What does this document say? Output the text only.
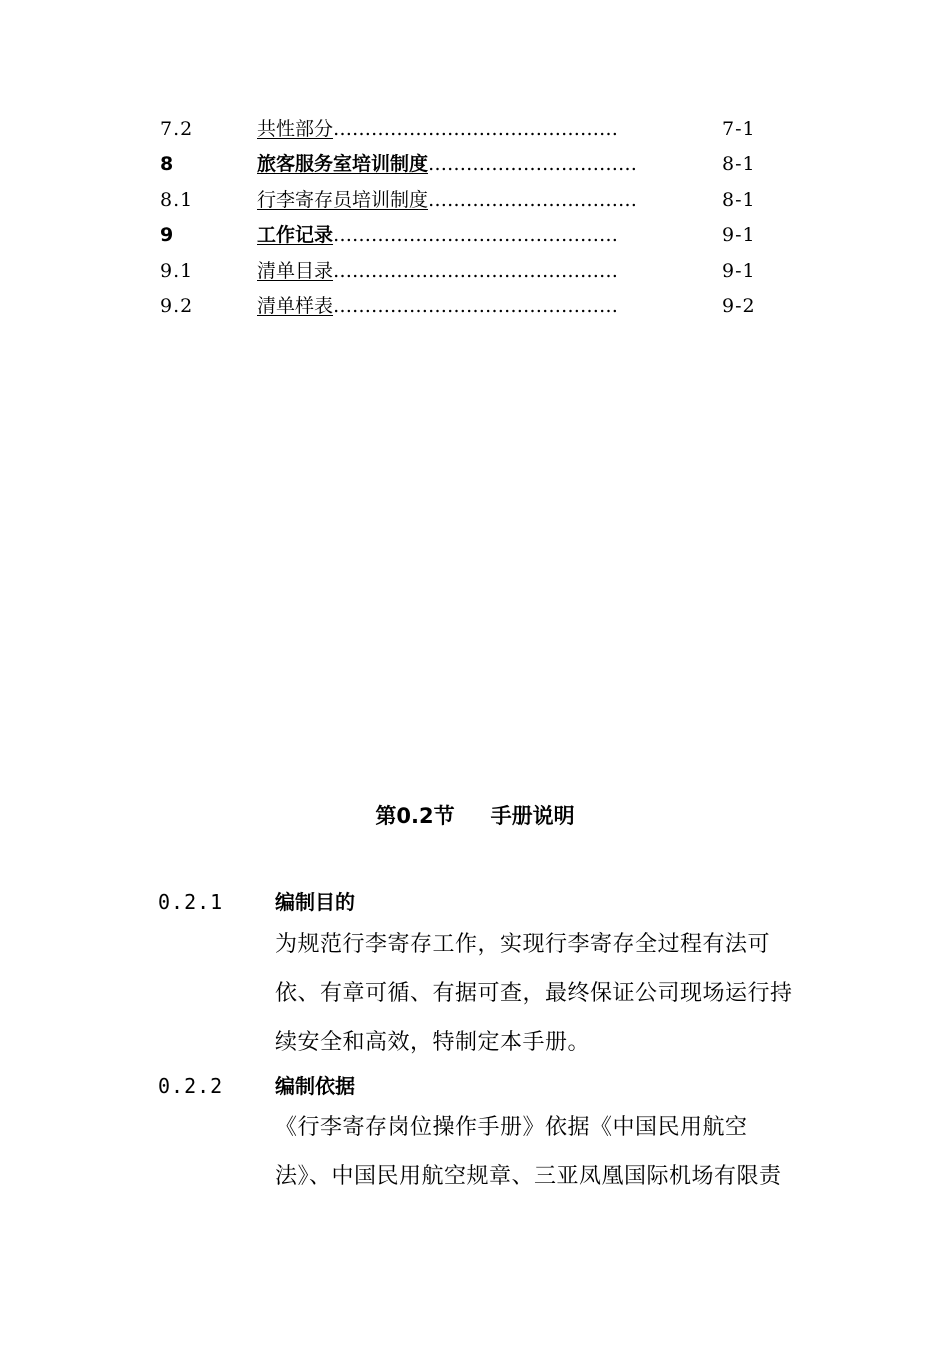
7.2	共性部分………………………………………	7-1
8	旅客服务室培训制度……………………………	8-1
8.1	行李寄存员培训制度……………………………	8-1
9	工作记录………………………………………	9-1
9.1	清单目录………………………………………	9-1
9.2	清单样表………………………………………	9-2
第0.2节 手册说明
0.2.1	编制目的
为规范行李寄存工作，实现行李寄存全过程有法可
依、有章可循、有据可查，最终保证公司现场运行持
续安全和高效，特制定本手册。
0.2.2	编制依据
《行李寄存岗位操作手册》依据《中国民用航空
法》、中国民用航空规章、三亚凤凰国际机场有限责
